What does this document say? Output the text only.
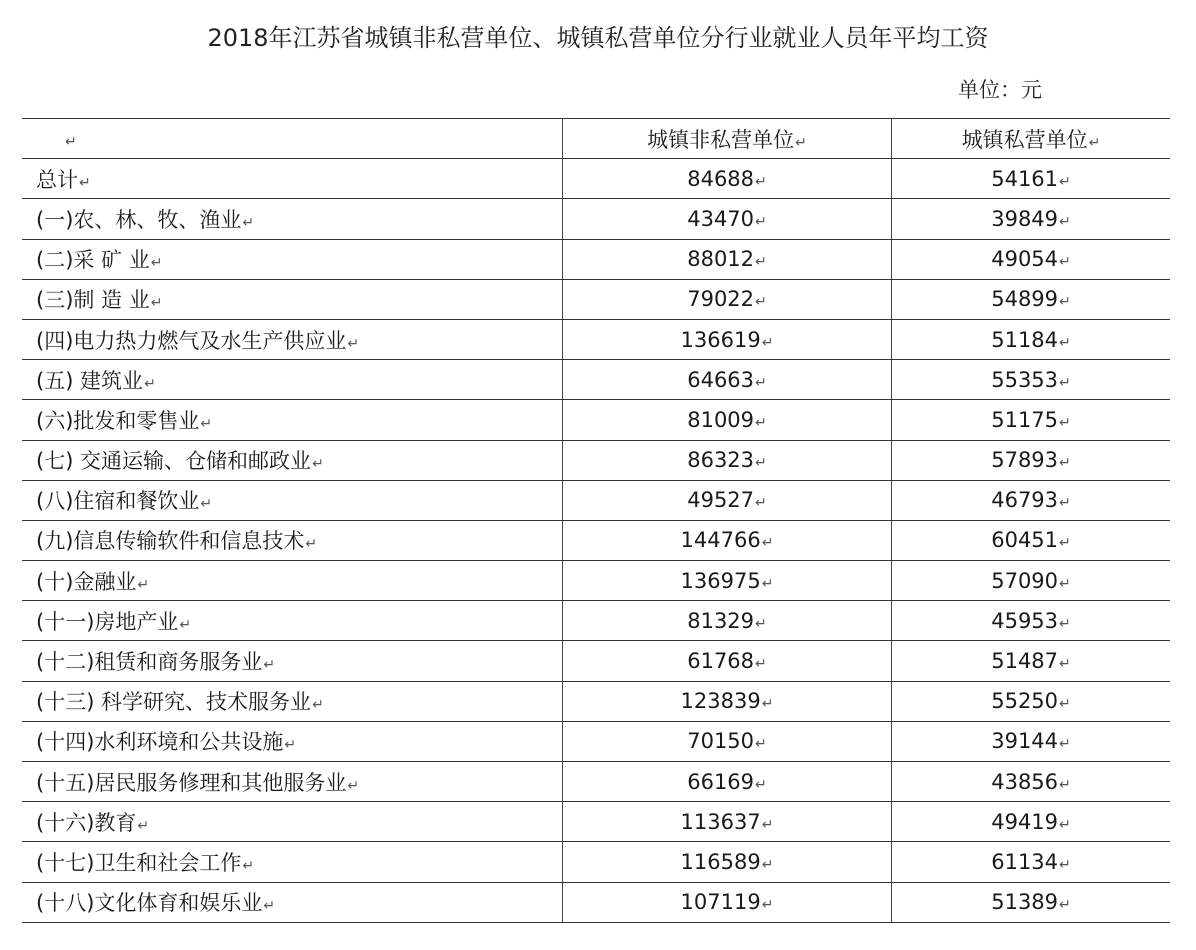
2018年江苏省城镇非私营单位、城镇私营单位分行业就业人员年平均工资
单位：元
↵	城镇非私营单位↵	城镇私营单位↵
总计↵	84688↵	54161↵
(一)农、林、牧、渔业↵	43470↵	39849↵
(二)采 矿 业↵	88012↵	49054↵
(三)制 造 业↵	79022↵	54899↵
(四)电力热力燃气及水生产供应业↵	136619↵	51184↵
(五) 建筑业↵	64663↵	55353↵
(六)批发和零售业↵	81009↵	51175↵
(七) 交通运输、仓储和邮政业↵	86323↵	57893↵
(八)住宿和餐饮业↵	49527↵	46793↵
(九)信息传输软件和信息技术↵	144766↵	60451↵
(十)金融业↵	136975↵	57090↵
(十一)房地产业↵	81329↵	45953↵
(十二)租赁和商务服务业↵	61768↵	51487↵
(十三) 科学研究、技术服务业↵	123839↵	55250↵
(十四)水利环境和公共设施↵	70150↵	39144↵
(十五)居民服务修理和其他服务业↵	66169↵	43856↵
(十六)教育↵	113637↵	49419↵
(十七)卫生和社会工作↵	116589↵	61134↵
(十八)文化体育和娱乐业↵	107119↵	51389↵
